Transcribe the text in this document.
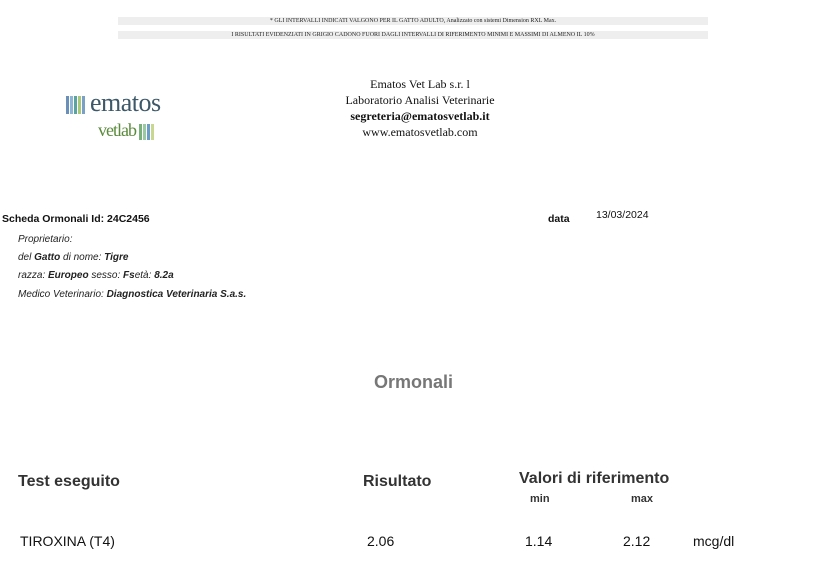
* GLI INTERVALLI INDICATI VALGONO PER IL GATTO ADULTO, Analizzato con sistemi Dimension RXL Max.
I RISULTATI EVIDENZIATI IN GRIGIO CADONO FUORI DAGLI INTERVALLI DI RIFERIMENTO MINIMI E MASSIMI DI ALMENO IL 10%
ematos
vetlab
Ematos Vet Lab s.r. l
Laboratorio Analisi Veterinarie
segreteria@ematosvetlab.it
www.ematosvetlab.com
Scheda Ormonali Id: 24C2456	data	13/03/2024
Proprietario:
del Gatto di nome: Tigre
razza: Europeo sesso: Fsetà: 8.2a
Medico Veterinario: Diagnostica Veterinaria S.a.s.
Ormonali
Test eseguito	Risultato	Valori di riferimento
min	max
TIROXINA (T4)	2.06	1.14	2.12	mcg/dl
